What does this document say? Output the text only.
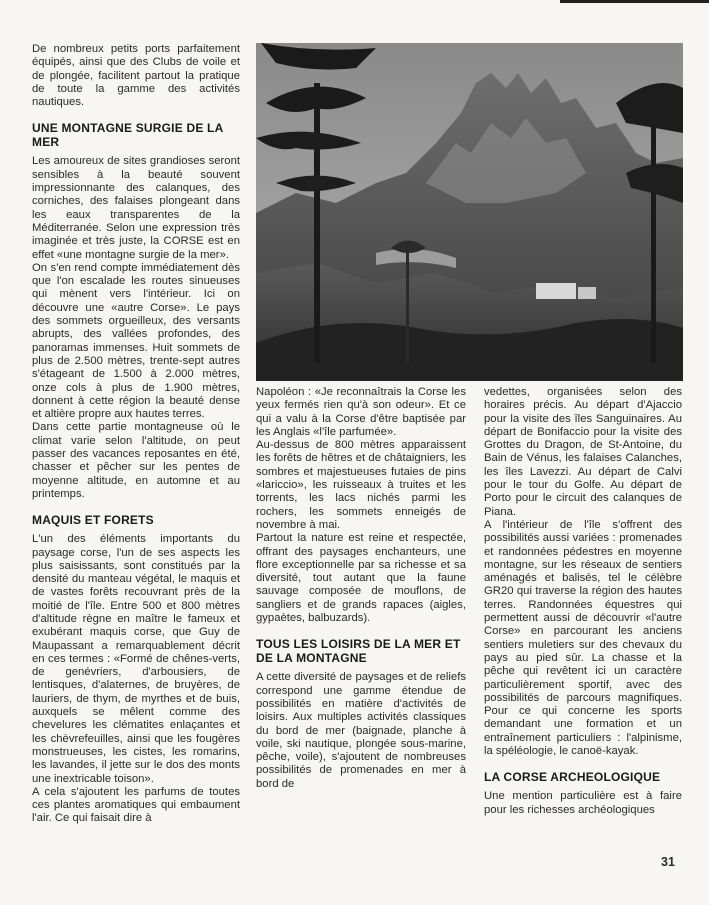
De nombreux petits ports parfaitement équipés, ainsi que des Clubs de voile et de plongée, facilitent partout la pratique de toute la gamme des activités nautiques.

UNE MONTAGNE SURGIE DE LA MER

Les amoureux de sites grandioses seront sensibles à la beauté souvent impressionnante des calanques, des corniches, des falaises plongeant dans les eaux transparentes de la Méditerranée. Selon une expression très imaginée et très juste, la CORSE est en effet «une montagne surgie de la mer».

On s'en rend compte immédiatement dès que l'on escalade les routes sinueuses qui mènent vers l'intérieur. Ici on découvre une «autre Corse». Le pays des sommets orgueilleux, des versants abrupts, des vallées profondes, des panoramas immenses. Huit sommets de plus de 2.500 mètres, trente-sept autres s'étageant de 1.500 à 2.000 mètres, onze cols à plus de 1.900 mètres, donnent à cette région la beauté dense et altière propre aux hautes terres.

Dans cette partie montagneuse où le climat varie selon l'altitude, on peut passer des vacances reposantes en été, chasser et pêcher sur les pentes de moyenne altitude, en automne et au printemps.

MAQUIS ET FORETS

L'un des éléments importants du paysage corse, l'un de ses aspects les plus saisissants, sont constitués par la densité du manteau végétal, le maquis et de vastes forêts recouvrant près de la moitié de l'île. Entre 500 et 800 mètres d'altitude règne en maître le fameux et exubérant maquis corse, que Guy de Maupassant a remarquablement décrit en ces termes : «Formé de chênes-verts, de genévriers, d'arbousiers, de lentisques, d'alaternes, de bruyères, de lauriers, de thym, de myrthes et de buis, auxquels se mêlent comme des chevelures les clématites enlaçantes et les chèvrefeuilles, ainsi que les fougères monstrueuses, les cistes, les romarins, les lavandes, il jette sur le dos des monts une inextricable toison».

A cela s'ajoutent les parfums de toutes ces plantes aromatiques qui embaument l'air. Ce qui faisait dire à

Napoléon : «Je reconnaîtrais la Corse les yeux fermés rien qu'à son odeur». Et ce qui a valu à la Corse d'être baptisée par les Anglais «l'île parfumée».

Au-dessus de 800 mètres apparaissent les forêts de hêtres et de châtaigniers, les sombres et majestueuses futaies de pins «laricciо», les ruisseaux à truites et les torrents, les lacs nichés parmi les rochers, les sommets enneigés de novembre à mai.

Partout la nature est reine et respectée, offrant des paysages enchanteurs, une flore exceptionnelle par sa richesse et sa diversité, tout autant que la faune sauvage composée de mouflons, de sangliers et de grands rapaces (aigles, gypaètes, balbuzards).

TOUS LES LOISIRS DE LA MER ET DE LA MONTAGNE

A cette diversité de paysages et de reliefs correspond une gamme étendue de possibilités en matière d'activités de loisirs. Aux multiples activités classiques du bord de mer (baignade, planche à voile, ski nautique, plongée sous-marine, pêche, voile), s'ajoutent de nombreuses possibilités de promenades en mer à bord de

vedettes, organisées selon des horaires précis. Au départ d'Ajaccio pour la visite des îles Sanguinaires. Au départ de Bonifaccio pour la visite des Grottes du Dragon, de St-Antoine, du Bain de Vénus, les falaises Calanches, les îles Lavezzi. Au départ de Calvi pour le tour du Golfe. Au départ de Porto pour le circuit des calanques de Piana.

A l'intérieur de l'île s'offrent des possibilités aussi variées : promenades et randonnées pédestres en moyenne montagne, sur les réseaux de sentiers aménagés et balisés, tel le célèbre GR20 qui traverse la région des hautes terres. Randonnées équestres qui permettent aussi de découvrir «l'autre Corse» en parcourant les anciens sentiers muletiers sur des chevaux du pays au pied sûr. La chasse et la pêche qui revêtent ici un caractère particulièrement sportif, avec des possibilités de parcours magnifiques. Pour ce qui concerne les sports demandant une formation et un entraînement particuliers : l'alpinisme, la spéléologie, le canoë-kayak.

LA CORSE ARCHEOLOGIQUE

Une mention particulière est à faire pour les richesses archéologiques

31
